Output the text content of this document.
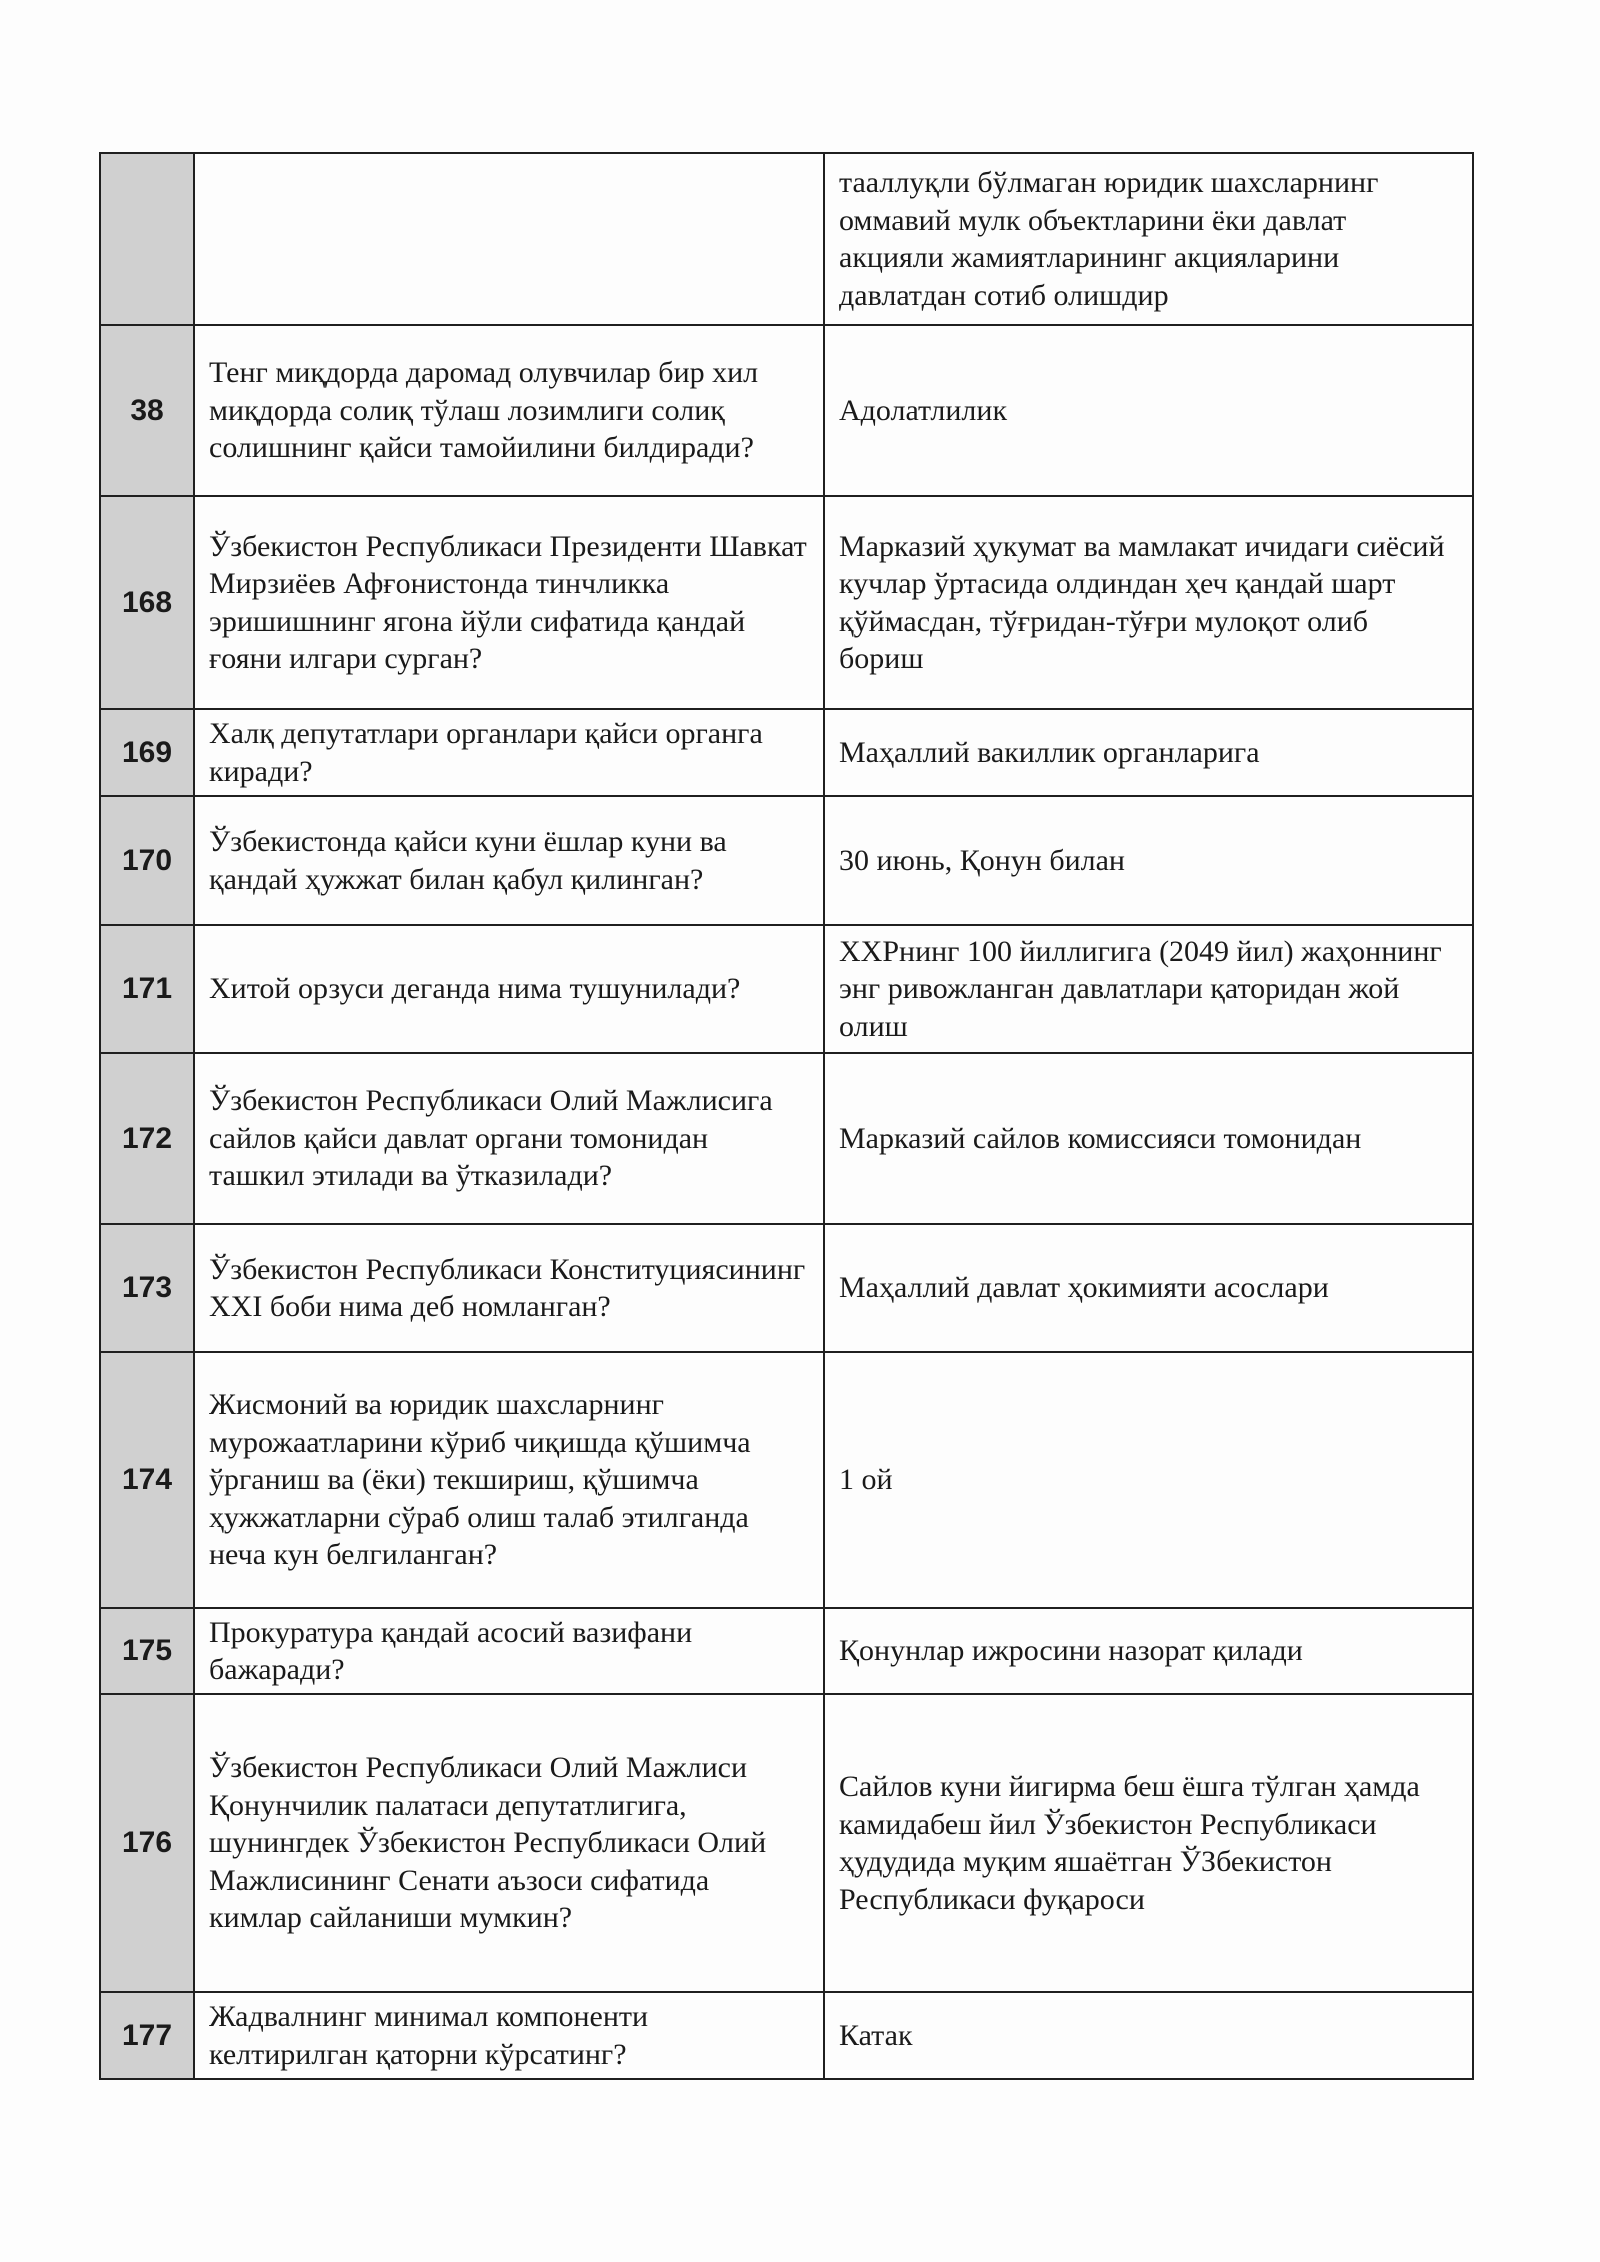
		тааллуқли бўлмаган юридик шахсларнинг оммавий мулк объектларини ёки давлат акцияли жамиятларининг акцияларини давлатдан сотиб олишдир
38	Тенг миқдорда даромад олувчилар бир хил миқдорда солиқ тўлаш лозимлиги солиқ солишнинг қайси тамойилини билдиради?	Адолатлилик
168	Ўзбекистон Республикаси Президенти Шавкат Мирзиёев Афғонистонда тинчликка эришишнинг ягона йўли сифатида қандай ғояни илгари сурган?	Марказий ҳукумат ва мамлакат ичидаги сиёсий кучлар ўртасида олдиндан ҳеч қандай шарт қўймасдан, тўғридан-тўғри мулоқот олиб бориш
169	Халқ депутатлари органлари қайси органга киради?	Маҳаллий вакиллик органларига
170	Ўзбекистонда қайси куни ёшлар куни ва қандай ҳужжат билан қабул қилинган?	30 июнь, Қонун билан
171	Хитой орзуси деганда нима тушунилади?	ХХРнинг 100 йиллигига (2049 йил) жаҳоннинг энг ривожланган давлатлари қаторидан жой олиш
172	Ўзбекистон Республикаси Олий Мажлисига сайлов қайси давлат органи томонидан ташкил этилади ва ўтказилади?	Марказий сайлов комиссияси томонидан
173	Ўзбекистон Республикаси Конституциясининг XXI боби нима деб номланган?	Маҳаллий давлат ҳокимияти асослари
174	Жисмоний ва юридик шахсларнинг мурожаатларини кўриб чиқишда қўшимча ўрганиш ва (ёки) текшириш, қўшимча ҳужжатларни сўраб олиш талаб этилганда неча кун белгиланган?	1 ой
175	Прокуратура қандай асосий вазифани бажаради?	Қонунлар ижросини назорат қилади
176	Ўзбекистон Республикаси Олий Мажлиси Қонунчилик палатаси депутатлигига, шунингдек Ўзбекистон Республикаси Олий Мажлисининг Сенати аъзоси сифатида кимлар сайланиши мумкин?	Сайлов куни йигирма беш ёшга тўлган ҳамда камидабеш йил Ўзбекистон Республикаси ҳудудида муқим яшаётган ЎЗбекистон Республикаси фуқароси
177	Жадвалнинг минимал компоненти келтирилган қаторни кўрсатинг?	Катак
